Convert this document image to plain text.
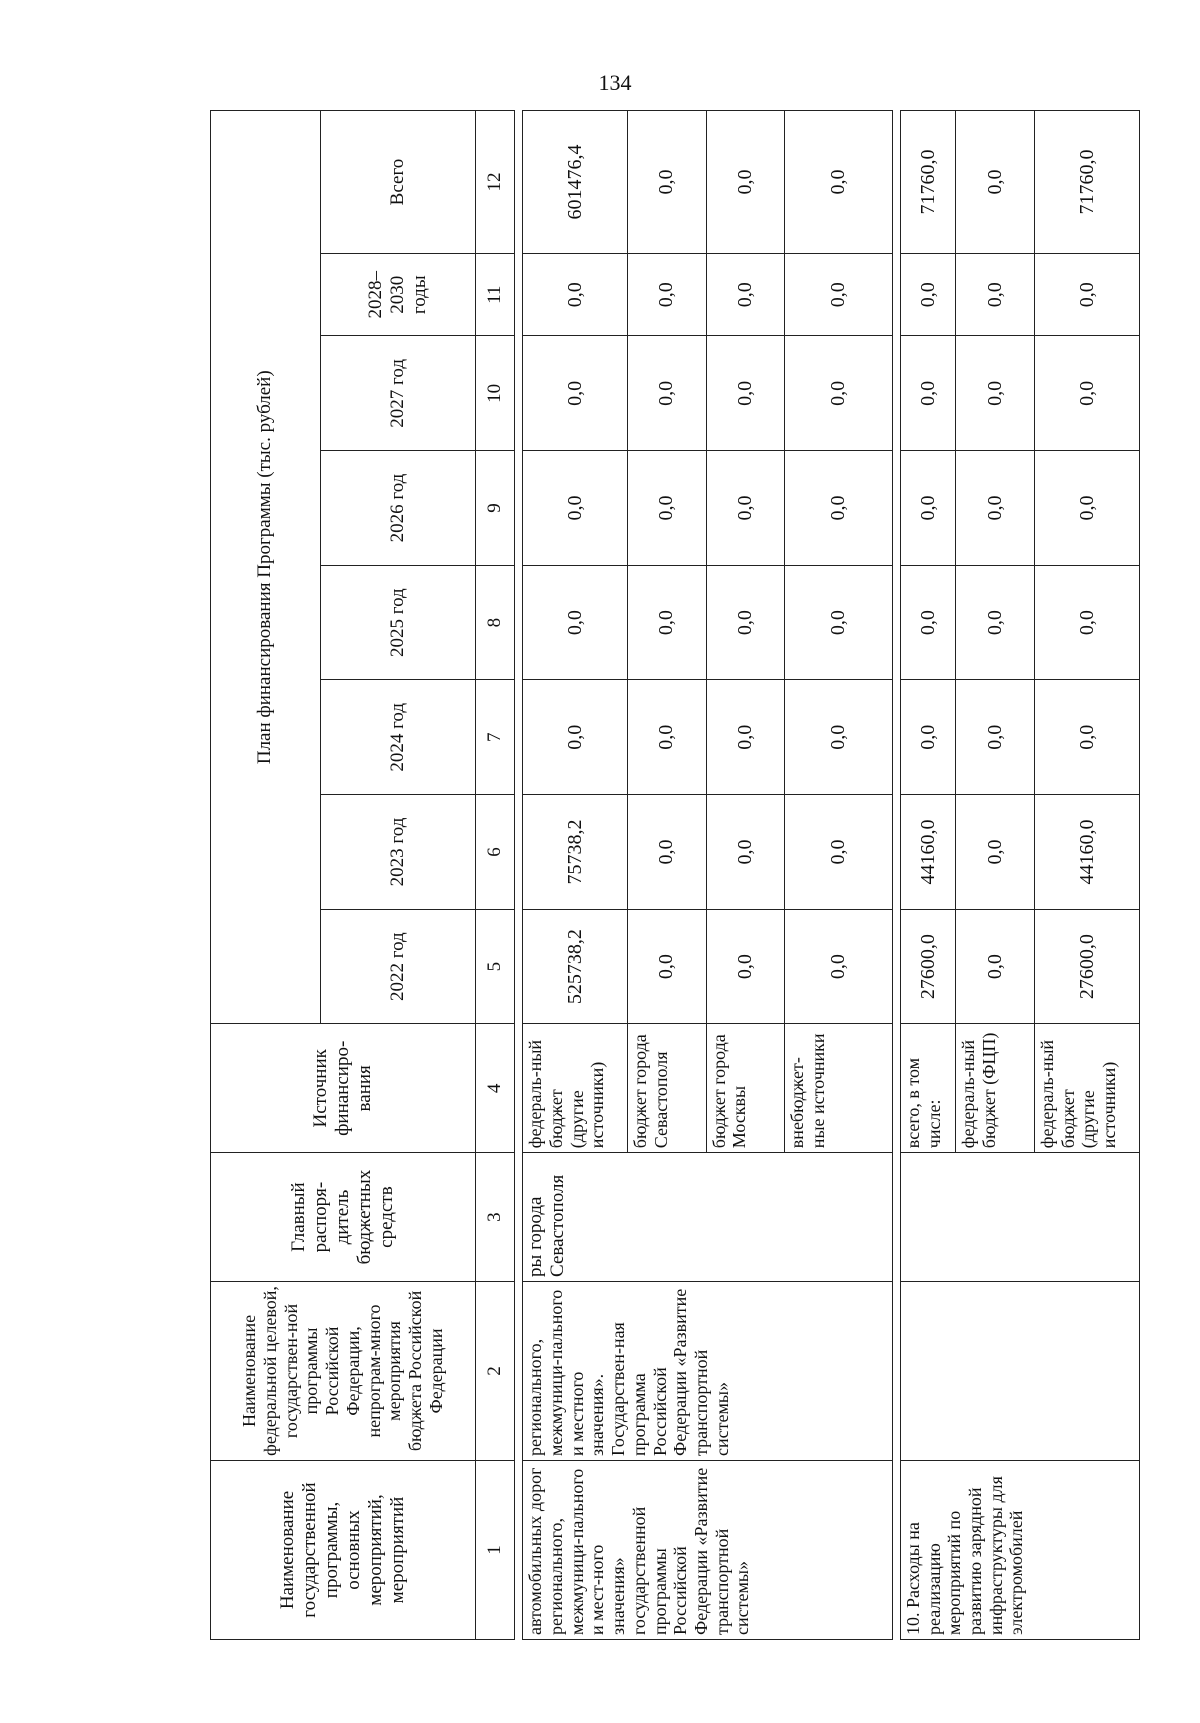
134
Наименование государственной программы, основных мероприятий, мероприятий	Наименование федеральной целевой, государствен-ной программы Российской Федерации, непрограм-много мероприятия бюджета Российской Федерации	Главный распоря-дитель бюджетных средств	Источник финансиро-вания	План финансирования Программы (тыс. рублей)							
				2022 год	2023 год	2024 год	2025 год	2026 год	2027 год	2028–2030 годы	Всего
1	2	3	4	5	6	7	8	9	10	11	12

автомобильных дорог регионального, межмуници-пального и мест-ного значения» государственной программы Российской Федерации «Развитие транспортной системы»	регионального, межмуници-пального и местного значения». Государствен-ная программа Российской Федерации «Развитие транспортной системы»	ры города Севастополя	федераль-ный бюджет (другие источники)	525738,2	75738,2	0,0	0,0	0,0	0,0	0,0	601476,4
			бюджет города Севастополя	0,0	0,0	0,0	0,0	0,0	0,0	0,0	0,0
			бюджет города Москвы	0,0	0,0	0,0	0,0	0,0	0,0	0,0	0,0
			внебюджет-ные источники	0,0	0,0	0,0	0,0	0,0	0,0	0,0	0,0

10. Расходы на реализацию мероприятий по развитию зарядной инфраструктуры для электромобилей			всего, в том числе:	27600,0	44160,0	0,0	0,0	0,0	0,0	0,0	71760,0
			федераль-ный бюджет (ФЦП)	0,0	0,0	0,0	0,0	0,0	0,0	0,0	0,0
			федераль-ный бюджет (другие источники)	27600,0	44160,0	0,0	0,0	0,0	0,0	0,0	71760,0
